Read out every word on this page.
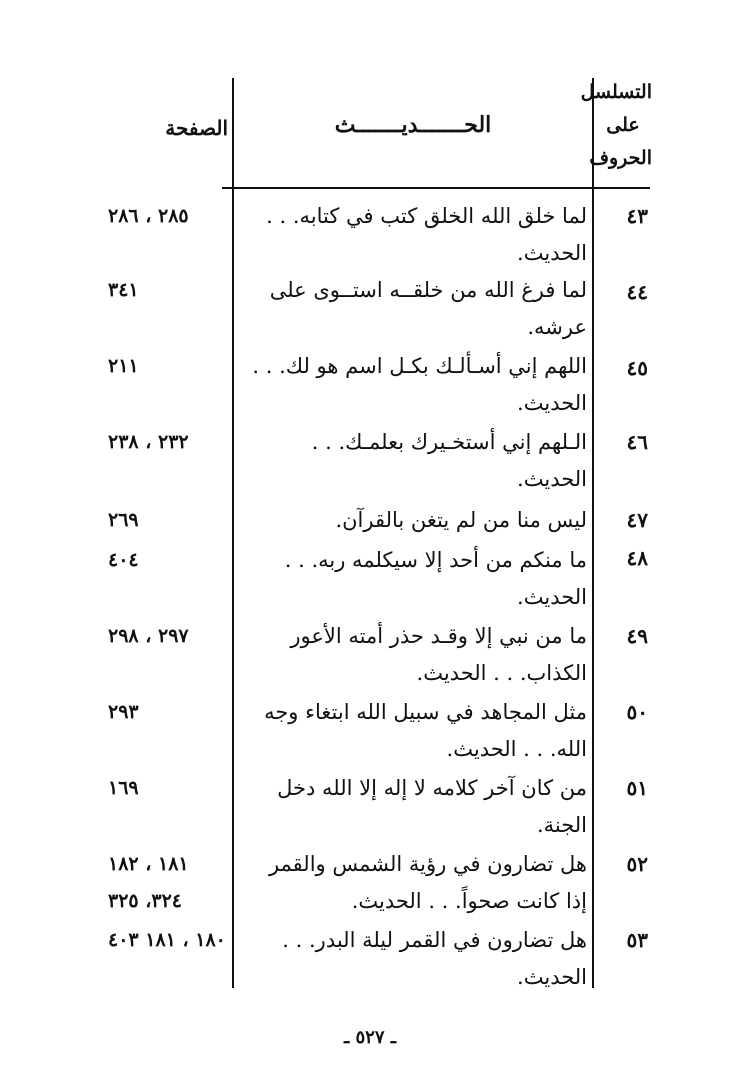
التسلسل
على
الحروف
الحـــــــديـــــــث
الصفحة
٤٣
لما خلق الله الخلق كتب في كتابه. . . الحديث.
٢٨٥ ، ٢٨٦
٤٤
لما فرغ الله من خلقــه استــوى على عرشه.
٣٤١
٤٥
اللهم إني أسـألـك بكـل اسم هو لك. . . الحديث.
٢١١
٤٦
الـلهم إني أستخـيرك بعلمـك. . . الحديث.
٢٣٢ ، ٢٣٨
٤٧
ليس منا من لم يتغن بالقرآن.
٢٦٩
٤٨
ما منكم من أحد إلا سيكلمه ربه. . . الحديث.
٤٠٤
٤٩
ما من نبي إلا وقـد حذر أمته الأعور الكذاب. . . الحديث.
٢٩٧ ، ٢٩٨
٥٠
مثل المجاهد في سبيل الله ابتغاء وجه الله. . . الحديث.
٢٩٣
٥١
من كان آخر كلامه لا إله إلا الله دخل الجنة.
١٦٩
٥٢
هل تضارون في رؤية الشمس والقمر إذا كانت صحواً. . . الحديث.
١٨١ ، ١٨٢ ٣٢٤، ٣٢٥
٥٣
هل تضارون في القمر ليلة البدر. . . الحديث.
١٨٠ ، ١٨١ ٤٠٣
ـ ٥٢٧ ـ
